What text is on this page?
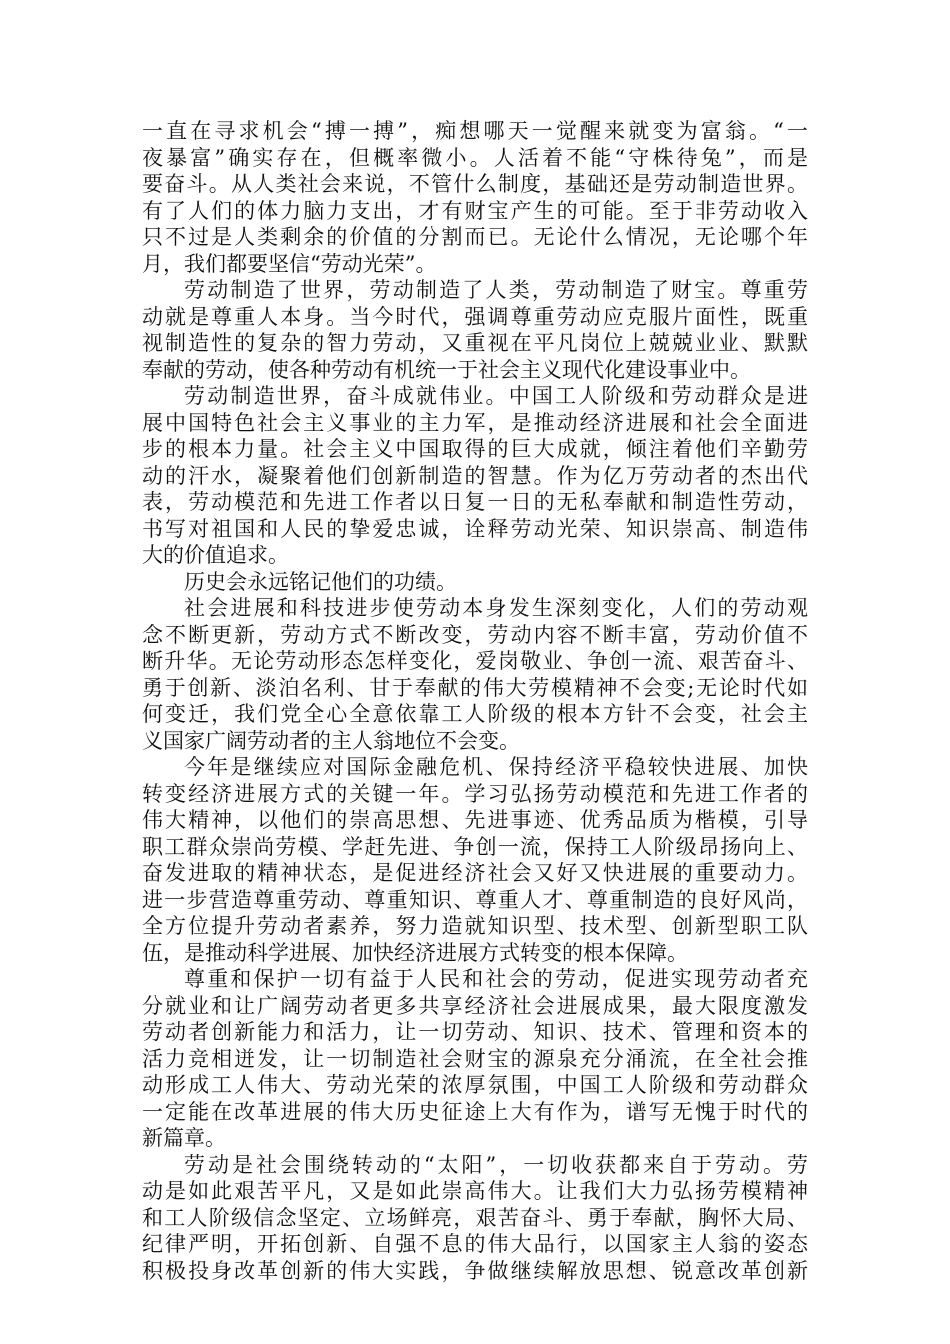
一直在寻求机会“搏一搏”，痴想哪天一觉醒来就变为富翁。“一
夜暴富”确实存在，但概率微小。人活着不能“守株待兔”，而是
要奋斗。从人类社会来说，不管什么制度，基础还是劳动制造世界。
有了人们的体力脑力支出，才有财宝产生的可能。至于非劳动收入
只不过是人类剩余的价值的分割而已。无论什么情况，无论哪个年
月，我们都要坚信“劳动光荣”。
劳动制造了世界，劳动制造了人类，劳动制造了财宝。尊重劳
动就是尊重人本身。当今时代，强调尊重劳动应克服片面性，既重
视制造性的复杂的智力劳动，又重视在平凡岗位上兢兢业业、默默
奉献的劳动，使各种劳动有机统一于社会主义现代化建设事业中。
劳动制造世界，奋斗成就伟业。中国工人阶级和劳动群众是进
展中国特色社会主义事业的主力军，是推动经济进展和社会全面进
步的根本力量。社会主义中国取得的巨大成就，倾注着他们辛勤劳
动的汗水，凝聚着他们创新制造的智慧。作为亿万劳动者的杰出代
表，劳动模范和先进工作者以日复一日的无私奉献和制造性劳动，
书写对祖国和人民的挚爱忠诚，诠释劳动光荣、知识崇高、制造伟
大的价值追求。
历史会永远铭记他们的功绩。
社会进展和科技进步使劳动本身发生深刻变化，人们的劳动观
念不断更新，劳动方式不断改变，劳动内容不断丰富，劳动价值不
断升华。无论劳动形态怎样变化，爱岗敬业、争创一流、艰苦奋斗、
勇于创新、淡泊名利、甘于奉献的伟大劳模精神不会变;无论时代如
何变迁，我们党全心全意依靠工人阶级的根本方针不会变，社会主
义国家广阔劳动者的主人翁地位不会变。
今年是继续应对国际金融危机、保持经济平稳较快进展、加快
转变经济进展方式的关键一年。学习弘扬劳动模范和先进工作者的
伟大精神，以他们的崇高思想、先进事迹、优秀品质为楷模，引导
职工群众崇尚劳模、学赶先进、争创一流，保持工人阶级昂扬向上、
奋发进取的精神状态，是促进经济社会又好又快进展的重要动力。
进一步营造尊重劳动、尊重知识、尊重人才、尊重制造的良好风尚，
全方位提升劳动者素养，努力造就知识型、技术型、创新型职工队
伍，是推动科学进展、加快经济进展方式转变的根本保障。
尊重和保护一切有益于人民和社会的劳动，促进实现劳动者充
分就业和让广阔劳动者更多共享经济社会进展成果，最大限度激发
劳动者创新能力和活力，让一切劳动、知识、技术、管理和资本的
活力竞相迸发，让一切制造社会财宝的源泉充分涌流，在全社会推
动形成工人伟大、劳动光荣的浓厚氛围，中国工人阶级和劳动群众
一定能在改革进展的伟大历史征途上大有作为，谱写无愧于时代的
新篇章。
劳动是社会围绕转动的“太阳”，一切收获都来自于劳动。劳
动是如此艰苦平凡，又是如此崇高伟大。让我们大力弘扬劳模精神
和工人阶级信念坚定、立场鲜亮，艰苦奋斗、勇于奉献，胸怀大局、
纪律严明，开拓创新、自强不息的伟大品行，以国家主人翁的姿态
积极投身改革创新的伟大实践，争做继续解放思想、锐意改革创新
